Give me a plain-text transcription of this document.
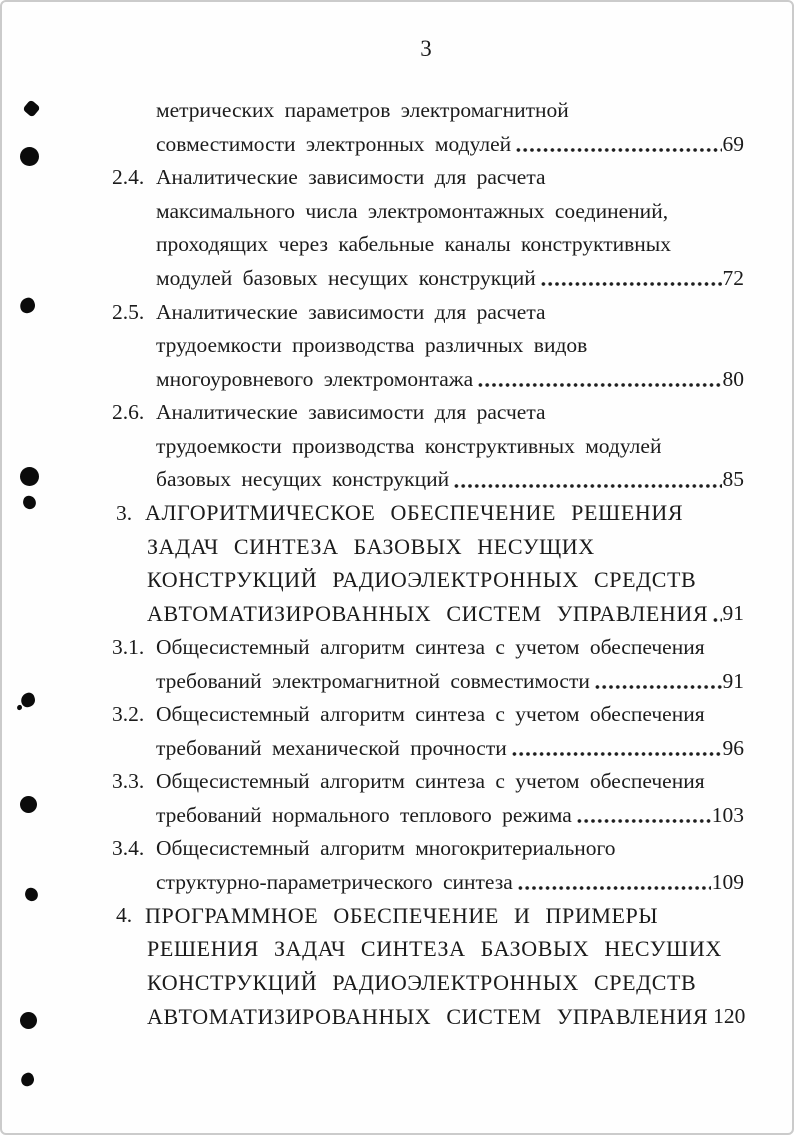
3
метрических параметров электромагнитной
совместимости электронных модулей	69
2.4. Аналитические зависимости для расчета
максимального числа электромонтажных соединений,
проходящих через кабельные каналы конструктивных
модулей базовых несущих конструкций	72
2.5. Аналитические зависимости для расчета
трудоемкости производства различных видов
многоуровневого электромонтажа	80
2.6. Аналитические зависимости для расчета
трудоемкости производства конструктивных модулей
базовых несущих конструкций	85
3. АЛГОРИТМИЧЕСКОЕ ОБЕСПЕЧЕНИЕ РЕШЕНИЯ
ЗАДАЧ СИНТЕЗА БАЗОВЫХ НЕСУЩИХ
КОНСТРУКЦИЙ РАДИОЭЛЕКТРОННЫХ СРЕДСТВ
АВТОМАТИЗИРОВАННЫХ СИСТЕМ УПРАВЛЕНИЯ 91
3.1. Общесистемный алгоритм синтеза с учетом обеспечения
требований электромагнитной совместимости	91
3.2. Общесистемный алгоритм синтеза с учетом обеспечения
требований механической прочности	96
3.3. Общесистемный алгоритм синтеза с учетом обеспечения
требований нормального теплового режима	103
3.4. Общесистемный алгоритм многокритериального
структурно-параметрического синтеза	109
4. ПРОГРАММНОЕ ОБЕСПЕЧЕНИЕ И ПРИМЕРЫ
РЕШЕНИЯ ЗАДАЧ СИНТЕЗА БАЗОВЫХ НЕСУШИХ
КОНСТРУКЦИЙ РАДИОЭЛЕКТРОННЫХ СРЕДСТВ
АВТОМАТИЗИРОВАННЫХ СИСТЕМ УПРАВЛЕНИЯ 120
